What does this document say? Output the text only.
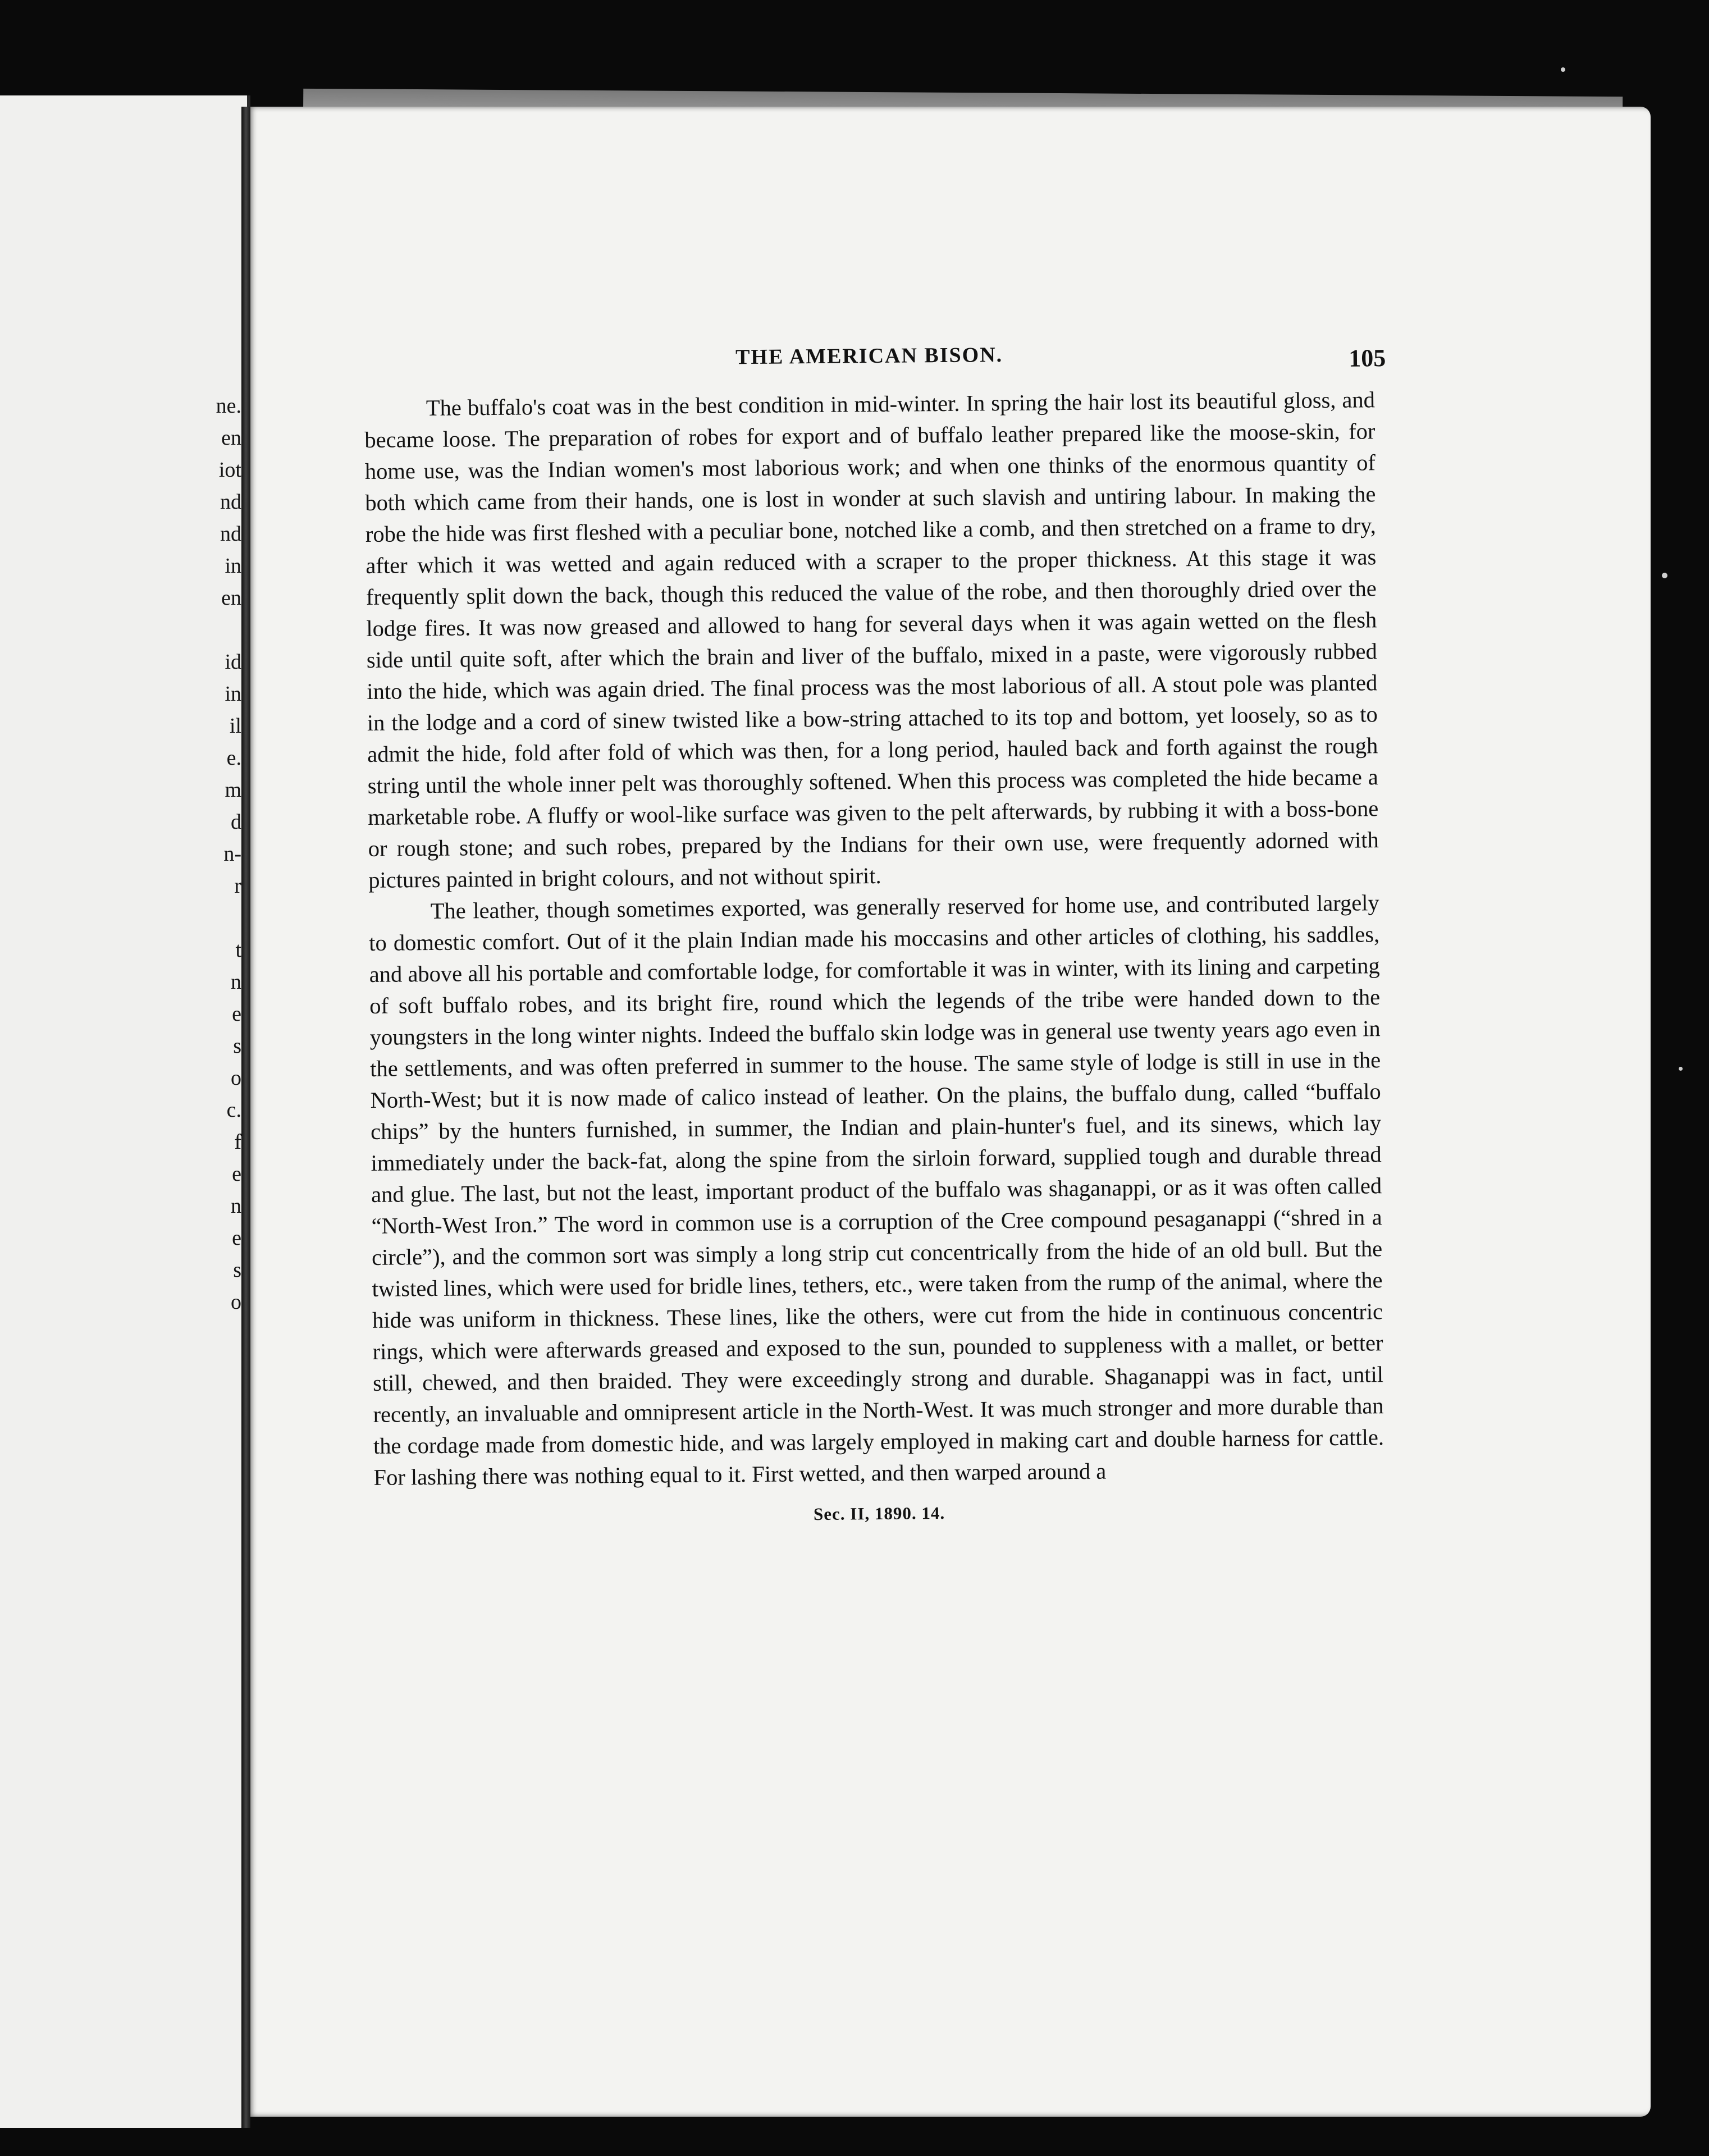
ne.
en
iot
nd
nd
in
en
id
in
il
e.
m
d
n-
r
t
n
e
s
o
c.
f
e
n
e
s
o
THE AMERICAN BISON.	105

The buffalo's coat was in the best condition in mid-winter. In spring the hair lost its beautiful gloss, and became loose. The preparation of robes for export and of buffalo leather prepared like the moose-skin, for home use, was the Indian women's most laborious work; and when one thinks of the enormous quantity of both which came from their hands, one is lost in wonder at such slavish and untiring labour. In making the robe the hide was first fleshed with a peculiar bone, notched like a comb, and then stretched on a frame to dry, after which it was wetted and again reduced with a scraper to the proper thickness. At this stage it was frequently split down the back, though this reduced the value of the robe, and then thoroughly dried over the lodge fires. It was now greased and allowed to hang for several days when it was again wetted on the flesh side until quite soft, after which the brain and liver of the buffalo, mixed in a paste, were vigorously rubbed into the hide, which was again dried. The final process was the most laborious of all. A stout pole was planted in the lodge and a cord of sinew twisted like a bow-string attached to its top and bottom, yet loosely, so as to admit the hide, fold after fold of which was then, for a long period, hauled back and forth against the rough string until the whole inner pelt was thoroughly softened. When this process was completed the hide became a marketable robe. A fluffy or wool-like surface was given to the pelt afterwards, by rubbing it with a boss-bone or rough stone; and such robes, prepared by the Indians for their own use, were frequently adorned with pictures painted in bright colours, and not without spirit.

The leather, though sometimes exported, was generally reserved for home use, and contributed largely to domestic comfort. Out of it the plain Indian made his moccasins and other articles of clothing, his saddles, and above all his portable and comfortable lodge, for comfortable it was in winter, with its lining and carpeting of soft buffalo robes, and its bright fire, round which the legends of the tribe were handed down to the youngsters in the long winter nights. Indeed the buffalo skin lodge was in general use twenty years ago even in the settlements, and was often preferred in summer to the house. The same style of lodge is still in use in the North-West; but it is now made of calico instead of leather. On the plains, the buffalo dung, called “buffalo chips” by the hunters furnished, in summer, the Indian and plain-hunter's fuel, and its sinews, which lay immediately under the back-fat, along the spine from the sirloin forward, supplied tough and durable thread and glue. The last, but not the least, important product of the buffalo was shaganappi, or as it was often called “North-West Iron.” The word in common use is a corruption of the Cree compound pesaganappi (“shred in a circle”), and the common sort was simply a long strip cut concentrically from the hide of an old bull. But the twisted lines, which were used for bridle lines, tethers, etc., were taken from the rump of the animal, where the hide was uniform in thickness. These lines, like the others, were cut from the hide in continuous concentric rings, which were afterwards greased and exposed to the sun, pounded to suppleness with a mallet, or better still, chewed, and then braided. They were exceedingly strong and durable. Shaganappi was in fact, until recently, an invaluable and omnipresent article in the North-West. It was much stronger and more durable than the cordage made from domestic hide, and was largely employed in making cart and double harness for cattle. For lashing there was nothing equal to it. First wetted, and then warped around a

Sec. II, 1890. 14.
